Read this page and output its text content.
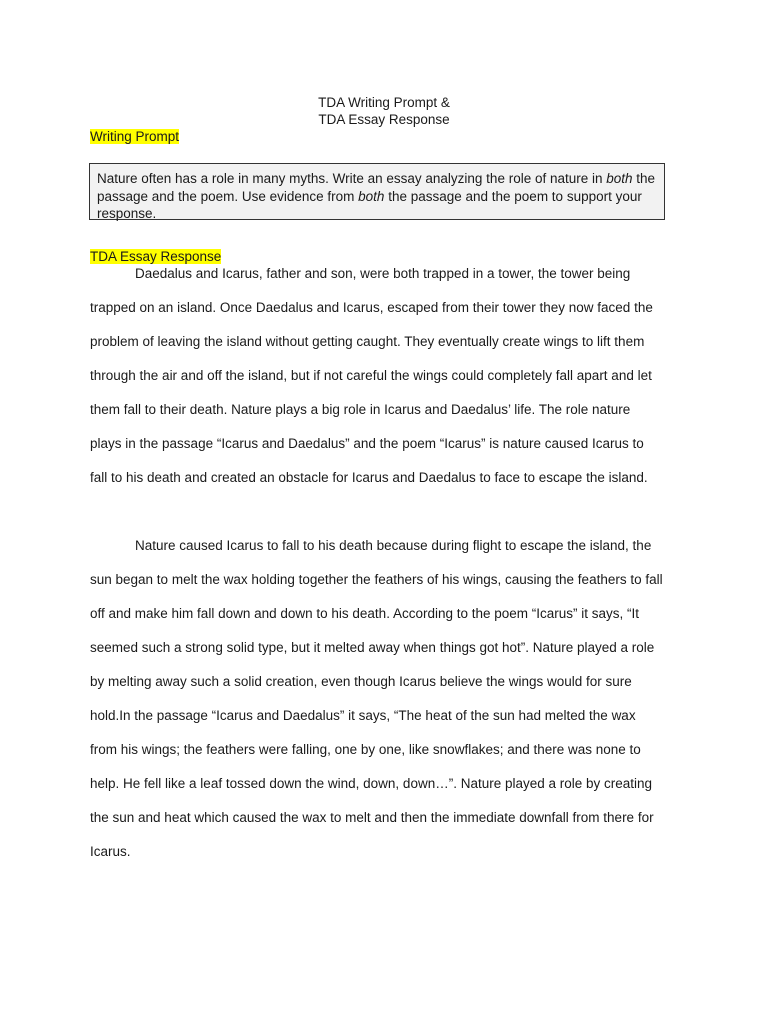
TDA Writing Prompt &
TDA Essay Response
Writing Prompt
Nature often has a role in many myths. Write an essay analyzing the role of nature in both the passage and the poem. Use evidence from both the passage and the poem to support your response.
TDA Essay Response
Daedalus and Icarus, father and son, were both trapped in a tower, the tower being
trapped on an island. Once Daedalus and Icarus, escaped from their tower they now faced the
problem of leaving the island without getting caught. They eventually create wings to lift them
through the air and off the island, but if not careful the wings could completely fall apart and let
them fall to their death. Nature plays a big role in Icarus and Daedalus’ life. The role nature
plays in the passage “Icarus and Daedalus” and the poem “Icarus” is nature caused Icarus to
fall to his death and created an obstacle for Icarus and Daedalus to face to escape the island.
Nature caused Icarus to fall to his death because during flight to escape the island, the
sun began to melt the wax holding together the feathers of his wings, causing the feathers to fall
off and make him fall down and down to his death. According to the poem “Icarus” it says, “It
seemed such a strong solid type, but it melted away when things got hot”. Nature played a role
by melting away such a solid creation, even though Icarus believe the wings would for sure
hold.In the passage “Icarus and Daedalus” it says, “The heat of the sun had melted the wax
from his wings; the feathers were falling, one by one, like snowflakes; and there was none to
help. He fell like a leaf tossed down the wind, down, down…”. Nature played a role by creating
the sun and heat which caused the wax to melt and then the immediate downfall from there for
Icarus.
